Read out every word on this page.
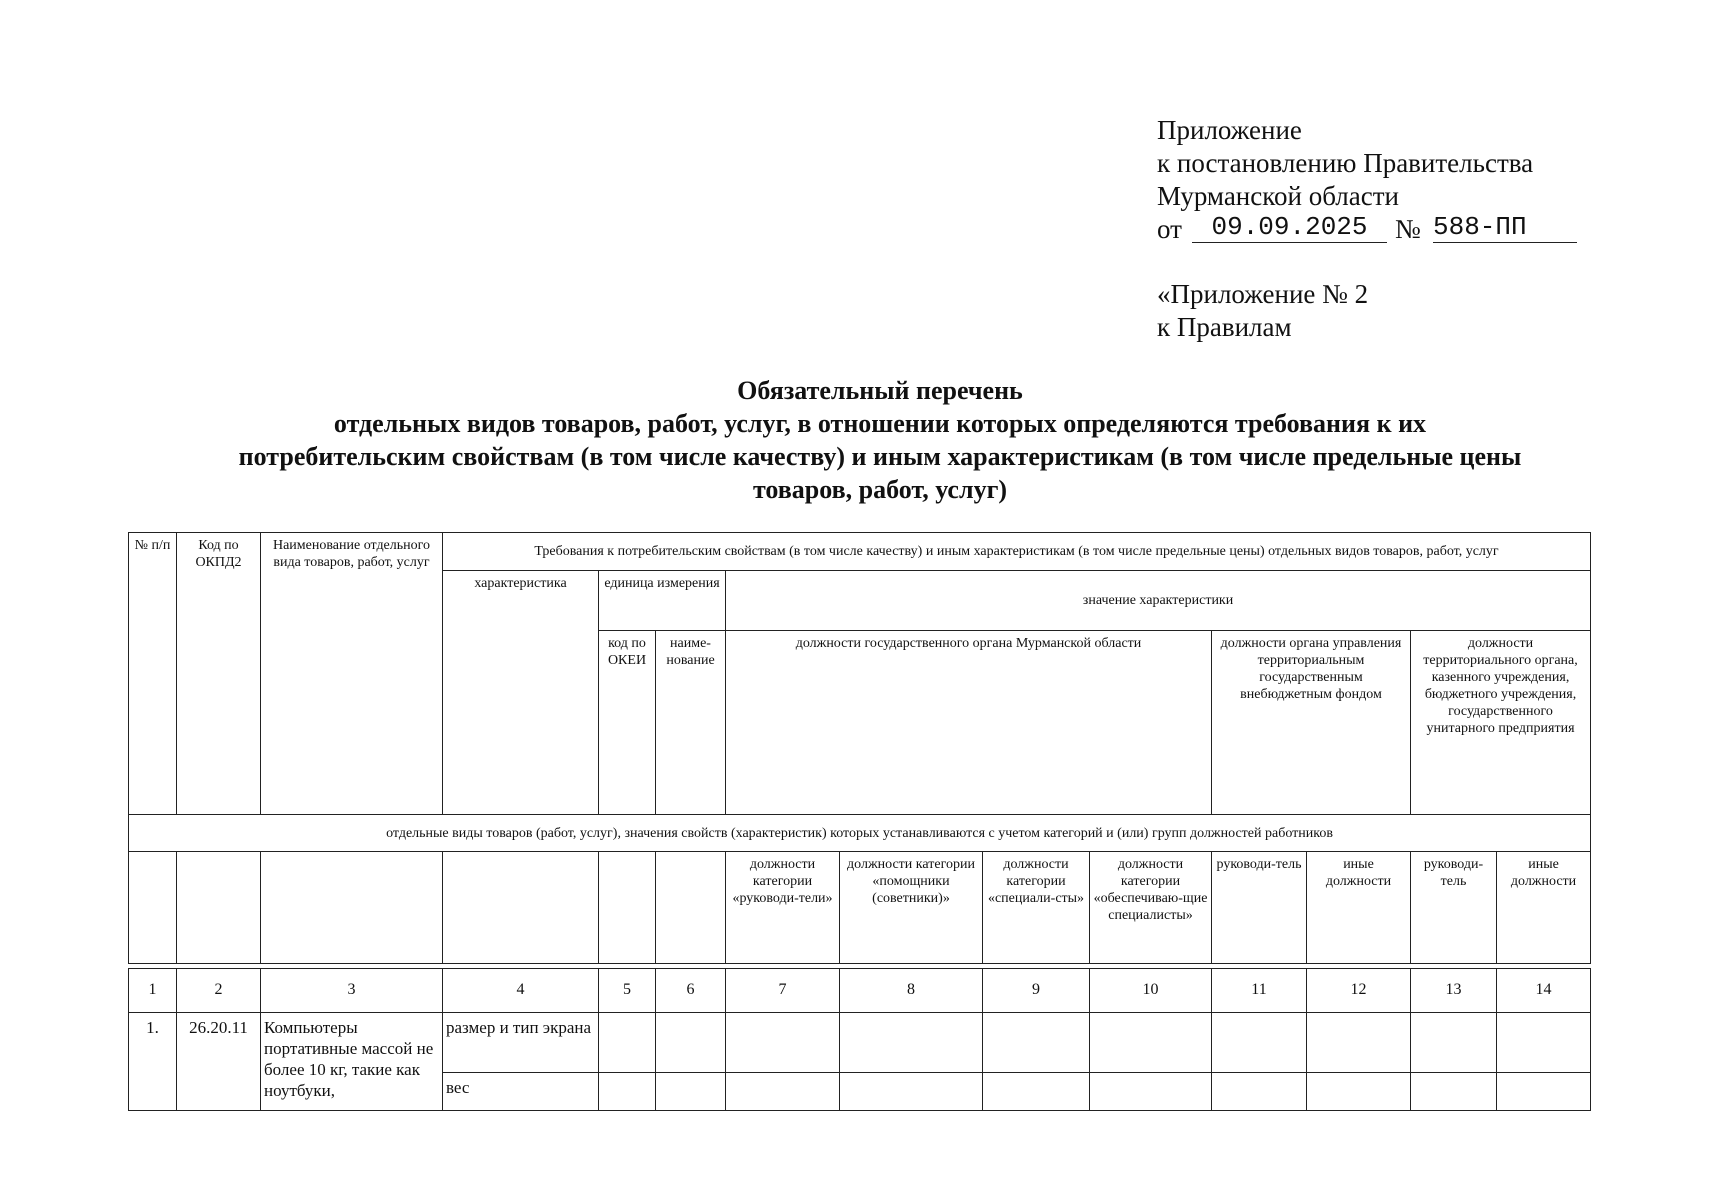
Приложение
к постановлению Правительства
Мурманской области
от	09.09.2025	№ 588-ПП
«Приложение № 2
к Правилам
Обязательный перечень
отдельных видов товаров, работ, услуг, в отношении которых определяются требования к их
потребительским свойствам (в том числе качеству) и иным характеристикам (в том числе предельные цены
товаров, работ, услуг)
№ п/п	Код по ОКПД2	Наименование отдельного вида товаров, работ, услуг	Требования к потребительским свойствам (в том числе качеству) и иным характеристикам (в том числе предельные цены) отдельных видов товаров, работ, услуг										
			характеристика	единица измерения		значение характеристики							
				код по ОКЕИ	наиме-нование	должности государственного органа Мурманской области				должности органа управления территориальным государственным внебюджетным фондом		должности территориального органа, казенного учреждения, бюджетного учреждения, государственного унитарного предприятия	
отдельные виды товаров (работ, услуг), значения свойств (характеристик) которых устанавливаются с учетом категорий и (или) групп должностей работников													
						должности категории «руководи-тели»	должности категории «помощники (советники)»	должности категории «специали-сты»	должности категории «обеспечиваю-щие специалисты»	руководи-тель	иные должности	руководи-тель	иные должности

1	2	3	4	5	6	7	8	9	10	11	12	13	14
1.	26.20.11	Компьютеры портативные массой не более 10 кг, такие как ноутбуки,	размер и тип экрана										
			вес										
